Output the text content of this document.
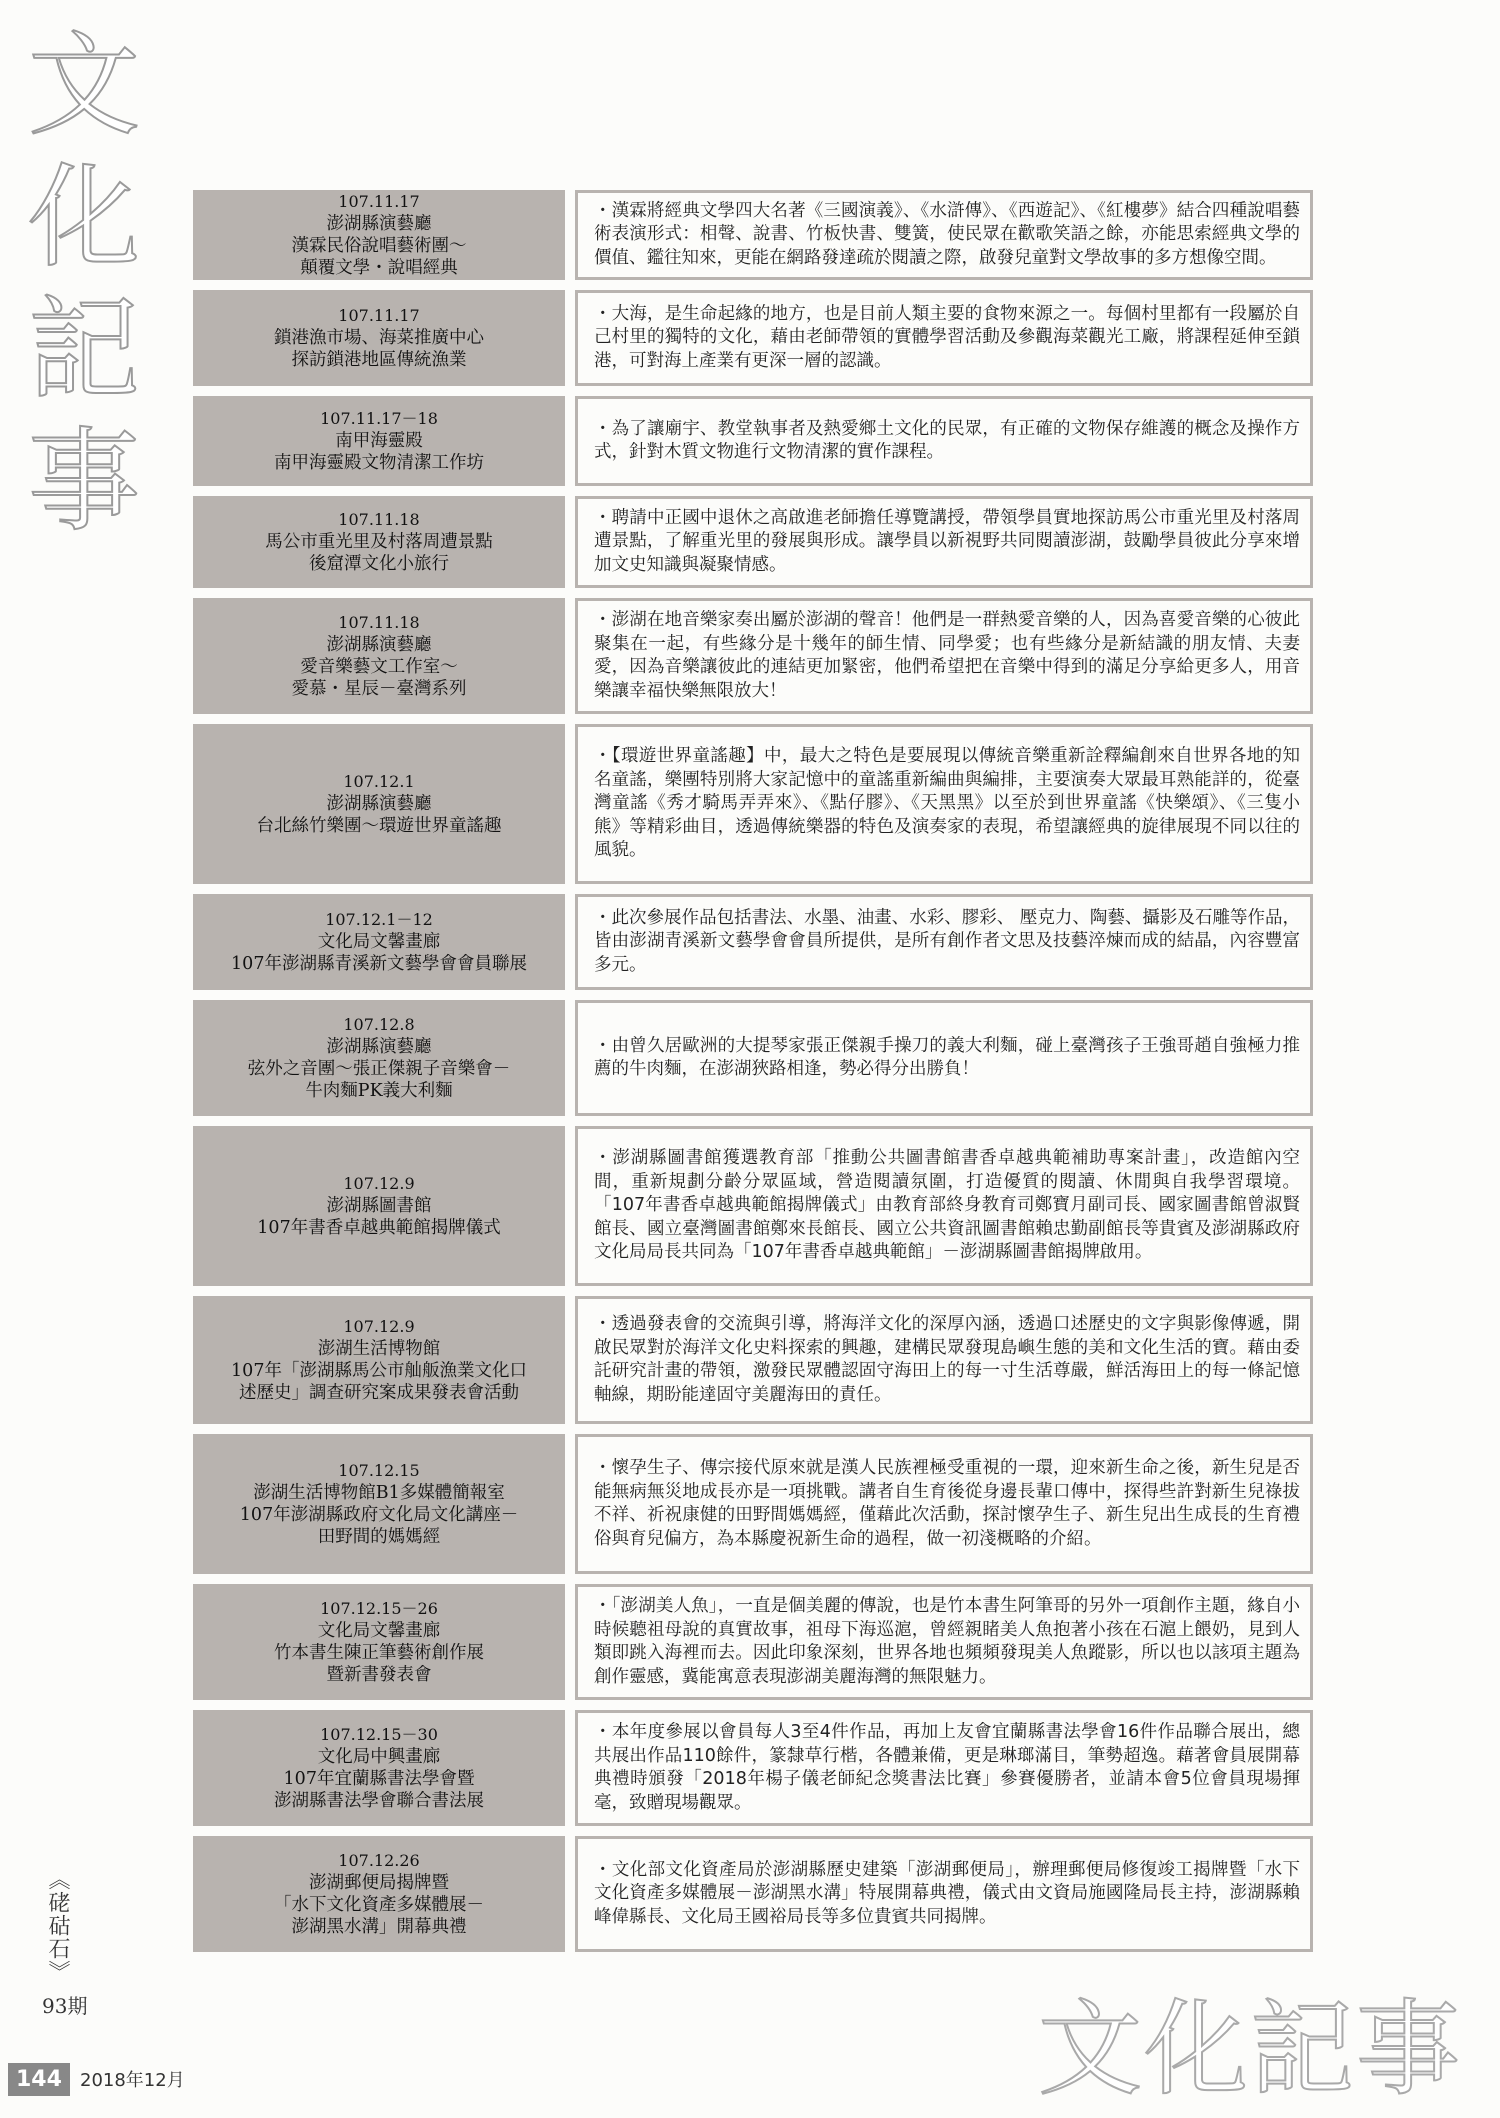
文
化
記
事
107.11.17
澎湖縣演藝廳
漢霖民俗說唱藝術團～
顛覆文學・說唱經典
・漢霖將經典文學四大名著《三國演義》、《水滸傳》、《西遊記》、《紅樓夢》結合四種說唱藝術表演形式：相聲、說書、竹板快書、雙簧，使民眾在歡歌笑語之餘，亦能思索經典文學的價值、鑑往知來，更能在網路發達疏於閱讀之際，啟發兒童對文學故事的多方想像空間。
107.11.17
鎖港漁市場、海菜推廣中心
探訪鎖港地區傳統漁業
・大海，是生命起緣的地方，也是目前人類主要的食物來源之一。每個村里都有一段屬於自己村里的獨特的文化，藉由老師帶領的實體學習活動及參觀海菜觀光工廠，將課程延伸至鎖港，可對海上產業有更深一層的認識。
107.11.17－18
南甲海靈殿
南甲海靈殿文物清潔工作坊
・為了讓廟宇、教堂執事者及熱愛鄉土文化的民眾，有正確的文物保存維護的概念及操作方式，針對木質文物進行文物清潔的實作課程。
107.11.18
馬公市重光里及村落周遭景點
後窟潭文化小旅行
・聘請中正國中退休之高啟進老師擔任導覽講授，帶領學員實地探訪馬公市重光里及村落周遭景點，了解重光里的發展與形成。讓學員以新視野共同閱讀澎湖，鼓勵學員彼此分享來增加文史知識與凝聚情感。
107.11.18
澎湖縣演藝廳
愛音樂藝文工作室～
愛慕・星辰－臺灣系列
・澎湖在地音樂家奏出屬於澎湖的聲音！他們是一群熱愛音樂的人，因為喜愛音樂的心彼此聚集在一起，有些緣分是十幾年的師生情、同學愛；也有些緣分是新結識的朋友情、夫妻愛，因為音樂讓彼此的連結更加緊密，他們希望把在音樂中得到的滿足分享給更多人，用音樂讓幸福快樂無限放大！
107.12.1
澎湖縣演藝廳
台北絲竹樂團～環遊世界童謠趣
・【環遊世界童謠趣】中，最大之特色是要展現以傳統音樂重新詮釋編創來自世界各地的知名童謠，樂團特別將大家記憶中的童謠重新編曲與編排，主要演奏大眾最耳熟能詳的，從臺灣童謠《秀才騎馬弄弄來》、《點仔膠》、《天黑黑》以至於到世界童謠《快樂頌》、《三隻小熊》等精彩曲目，透過傳統樂器的特色及演奏家的表現，希望讓經典的旋律展現不同以往的風貌。
107.12.1－12
文化局文馨畫廊
107年澎湖縣青溪新文藝學會會員聯展
・此次參展作品包括書法、水墨、油畫、水彩、膠彩、 壓克力、陶藝、攝影及石雕等作品，皆由澎湖青溪新文藝學會會員所提供，是所有創作者文思及技藝淬煉而成的結晶，內容豐富多元。
107.12.8
澎湖縣演藝廳
弦外之音團～張正傑親子音樂會－
牛肉麵PK義大利麵
・由曾久居歐洲的大提琴家張正傑親手操刀的義大利麵，碰上臺灣孩子王強哥趙自強極力推薦的牛肉麵，在澎湖狹路相逢，勢必得分出勝負！
107.12.9
澎湖縣圖書館
107年書香卓越典範館揭牌儀式
・澎湖縣圖書館獲選教育部「推動公共圖書館書香卓越典範補助專案計畫」，改造館內空間，重新規劃分齡分眾區域，營造閱讀氛圍，打造優質的閱讀、休閒與自我學習環境。「107年書香卓越典範館揭牌儀式」由教育部終身教育司鄭寶月副司長、國家圖書館曾淑賢館長、國立臺灣圖書館鄭來長館長、國立公共資訊圖書館賴忠勤副館長等貴賓及澎湖縣政府文化局局長共同為「107年書香卓越典範館」－澎湖縣圖書館揭牌啟用。
107.12.9
澎湖生活博物館
107年「澎湖縣馬公市舢舨漁業文化口
述歷史」調查研究案成果發表會活動
・透過發表會的交流與引導，將海洋文化的深厚內涵，透過口述歷史的文字與影像傳遞，開啟民眾對於海洋文化史料探索的興趣，建構民眾發現島嶼生態的美和文化生活的寶。藉由委託研究計畫的帶領，激發民眾體認固守海田上的每一寸生活尊嚴，鮮活海田上的每一條記憶軸線，期盼能達固守美麗海田的責任。
107.12.15
澎湖生活博物館B1多媒體簡報室
107年澎湖縣政府文化局文化講座－
田野間的媽媽經
・懷孕生子、傳宗接代原來就是漢人民族裡極受重視的一環，迎來新生命之後，新生兒是否能無病無災地成長亦是一項挑戰。講者自生育後從身邊長輩口傳中，探得些許對新生兒祿拔不祥、祈祝康健的田野間媽媽經，僅藉此次活動，探討懷孕生子、新生兒出生成長的生育禮俗與育兒偏方，為本縣慶祝新生命的過程，做一初淺概略的介紹。
107.12.15－26
文化局文馨畫廊
竹本書生陳正筆藝術創作展
暨新書發表會
・「澎湖美人魚」，一直是個美麗的傳說，也是竹本書生阿筆哥的另外一項創作主題，緣自小時候聽祖母說的真實故事，祖母下海巡滬，曾經親睹美人魚抱著小孩在石滬上餵奶，見到人類即跳入海裡而去。因此印象深刻，世界各地也頻頻發現美人魚蹤影，所以也以該項主題為創作靈感，冀能寓意表現澎湖美麗海灣的無限魅力。
107.12.15－30
文化局中興畫廊
107年宜蘭縣書法學會暨
澎湖縣書法學會聯合書法展
・本年度參展以會員每人3至4件作品，再加上友會宜蘭縣書法學會16件作品聯合展出，總共展出作品110餘件，篆隸草行楷，各體兼備，更是琳瑯滿目，筆勢超逸。藉著會員展開幕典禮時頒發「2018年楊子儀老師紀念獎書法比賽」參賽優勝者，並請本會5位會員現場揮毫，致贈現場觀眾。
107.12.26
澎湖郵便局揭牌暨
「水下文化資產多媒體展－
澎湖黑水溝」開幕典禮
・文化部文化資產局於澎湖縣歷史建築「澎湖郵便局」，辦理郵便局修復竣工揭牌暨「水下文化資產多媒體展－澎湖黑水溝」特展開幕典禮，儀式由文資局施國隆局長主持，澎湖縣賴峰偉縣長、文化局王國裕局長等多位貴賓共同揭牌。
《硓𥑮石》
93期
144	2018年12月	文化記事
